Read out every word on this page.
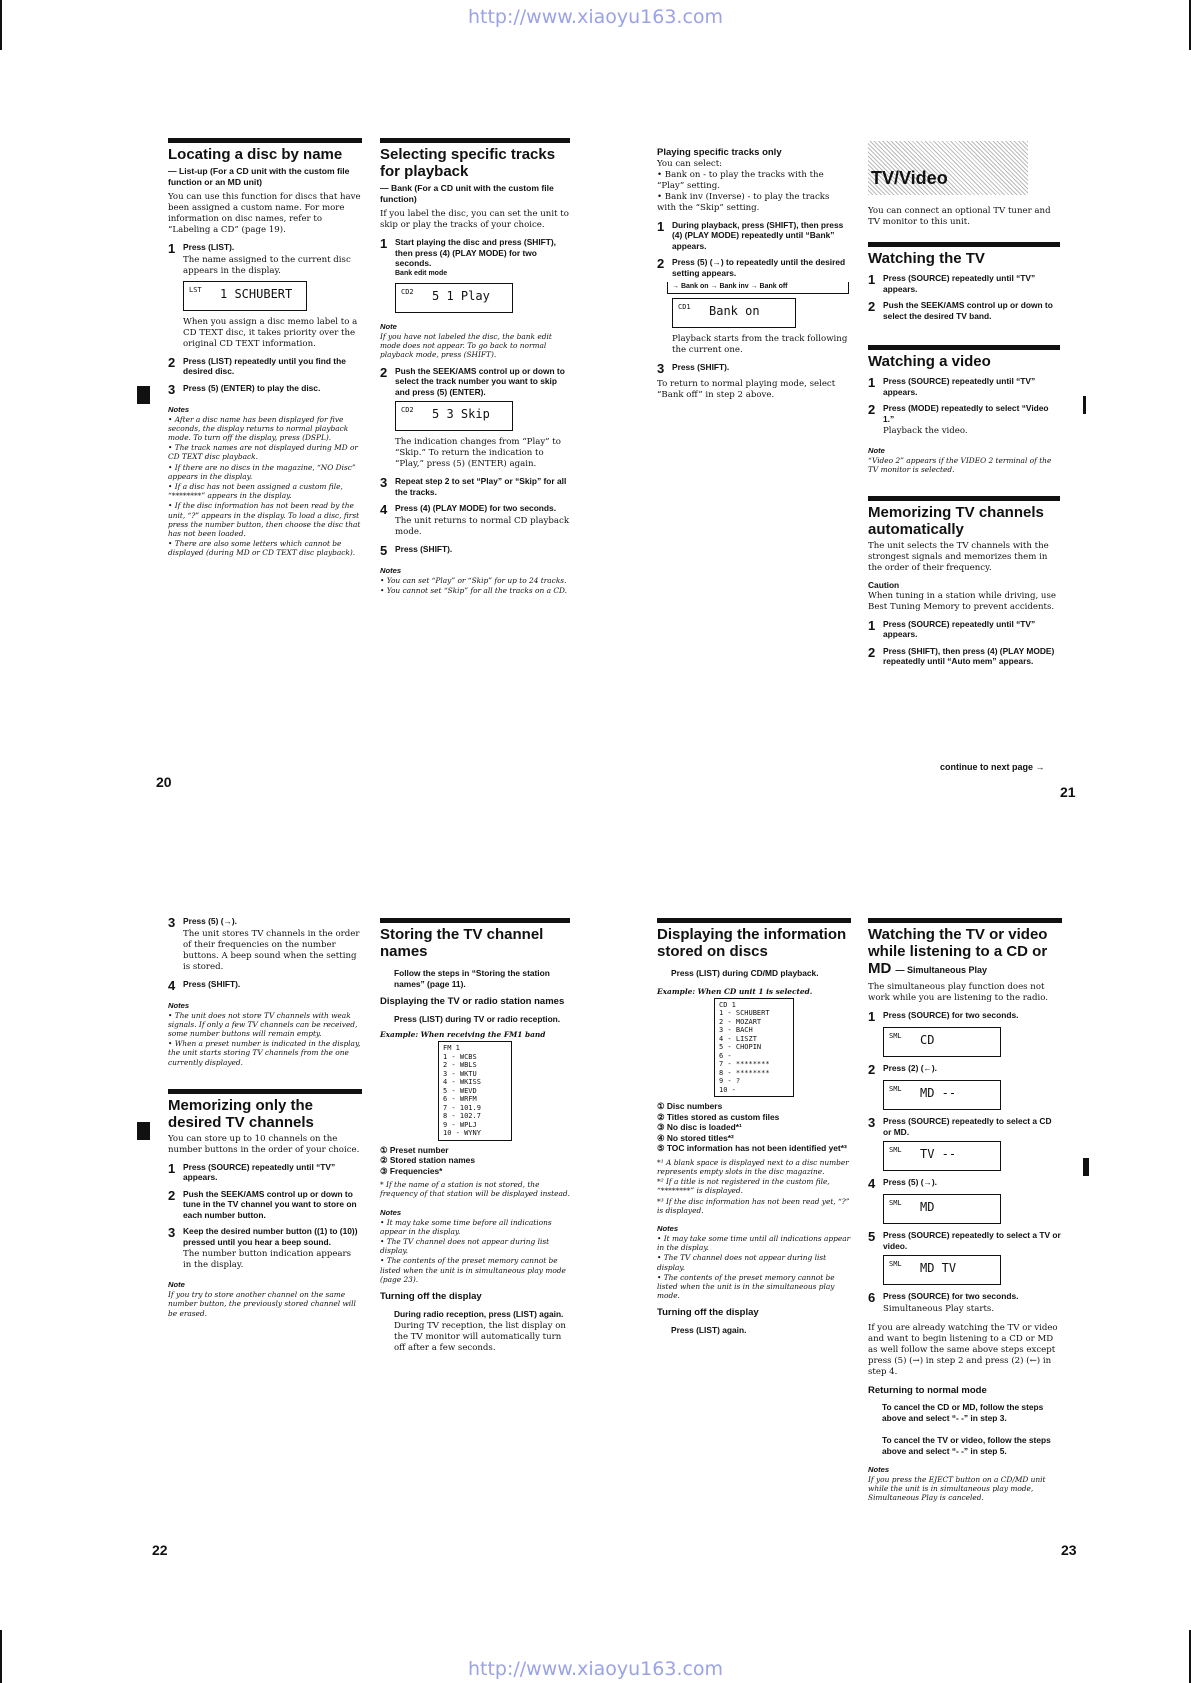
http://www.xiaoyu163.com
http://www.xiaoyu163.com
Locating a disc by name
— List-up (For a CD unit with the custom file function or an MD unit)
You can use this function for discs that have been assigned a custom name. For more information on disc names, refer to “Labeling a CD” (page 19).
1 Press (LIST).
The name assigned to the current disc appears in the display.
LST 1 SCHUBERT
When you assign a disc memo label to a CD TEXT disc, it takes priority over the original CD TEXT information.
2 Press (LIST) repeatedly until you find the desired disc.
3 Press (5) (ENTER) to play the disc.
Notes
• After a disc name has been displayed for five seconds, the display returns to normal playback mode. To turn off the display, press (DSPL).
• The track names are not displayed during MD or CD TEXT disc playback.
• If there are no discs in the magazine, “NO Disc” appears in the display.
• If a disc has not been assigned a custom file, “********” appears in the display.
• If the disc information has not been read by the unit, “?” appears in the display. To load a disc, first press the number button, then choose the disc that has not been loaded.
• There are also some letters which cannot be displayed (during MD or CD TEXT disc playback).
Selecting specific tracks for playback
— Bank (For a CD unit with the custom file function)
If you label the disc, you can set the unit to skip or play the tracks of your choice.
1 Start playing the disc and press (SHIFT), then press (4) (PLAY MODE) for two seconds.
Bank edit mode
CD2 5 1 Play
Note
If you have not labeled the disc, the bank edit mode does not appear. To go back to normal playback mode, press (SHIFT).
2 Push the SEEK/AMS control up or down to select the track number you want to skip and press (5) (ENTER).
CD2 5 3 Skip
The indication changes from “Play” to “Skip.” To return the indication to “Play,” press (5) (ENTER) again.
3 Repeat step 2 to set “Play” or “Skip” for all the tracks.
4 Press (4) (PLAY MODE) for two seconds.
The unit returns to normal CD playback mode.
5 Press (SHIFT).
Notes
• You can set “Play” or “Skip” for up to 24 tracks.
• You cannot set “Skip” for all the tracks on a CD.
Playing specific tracks only
You can select:
• Bank on - to play the tracks with the “Play” setting.
• Bank inv (Inverse) - to play the tracks with the “Skip” setting.
1 During playback, press (SHIFT), then press (4) (PLAY MODE) repeatedly until “Bank” appears.
2 Press (5) (→) to repeatedly until the desired setting appears.
→ Bank on → Bank inv → Bank off
CD1 Bank on
Playback starts from the track following the current one.
3 Press (SHIFT).
To return to normal playing mode, select “Bank off” in step 2 above.
TV/Video
You can connect an optional TV tuner and TV monitor to this unit.
Watching the TV
1 Press (SOURCE) repeatedly until “TV” appears.
2 Push the SEEK/AMS control up or down to select the desired TV band.
Watching a video
1 Press (SOURCE) repeatedly until “TV” appears.
2 Press (MODE) repeatedly to select “Video 1.”
Playback the video.
Note
“Video 2” appears if the VIDEO 2 terminal of the TV monitor is selected.
Memorizing TV channels automatically
The unit selects the TV channels with the strongest signals and memorizes them in the order of their frequency.
Caution
When tuning in a station while driving, use Best Tuning Memory to prevent accidents.
1 Press (SOURCE) repeatedly until “TV” appears.
2 Press (SHIFT), then press (4) (PLAY MODE) repeatedly until “Auto mem” appears.
continue to next page →
20
21
3 Press (5) (→).
The unit stores TV channels in the order of their frequencies on the number buttons. A beep sound when the setting is stored.
4 Press (SHIFT).
Notes
• The unit does not store TV channels with weak signals. If only a few TV channels can be received, some number buttons will remain empty.
• When a preset number is indicated in the display, the unit starts storing TV channels from the one currently displayed.
Memorizing only the desired TV channels
You can store up to 10 channels on the number buttons in the order of your choice.
1 Press (SOURCE) repeatedly until “TV” appears.
2 Push the SEEK/AMS control up or down to tune in the TV channel you want to store on each number button.
3 Keep the desired number button ((1) to (10)) pressed until you hear a beep sound.
The number button indication appears in the display.
Note
If you try to store another channel on the same number button, the previously stored channel will be erased.
Storing the TV channel names
Follow the steps in “Storing the station names” (page 11).
Displaying the TV or radio station names
Press (LIST) during TV or radio reception.
Example: When receiving the FM1 band
FM 1
1 - WCBS
2 - WBLS
3 - WKTU
4 - WKISS
5 - WEVD
6 - WRFM
7 - 101.9
8 - 102.7
9 - WPLJ
10 - WYNY
① Preset number
② Stored station names
③ Frequencies*
* If the name of a station is not stored, the frequency of that station will be displayed instead.
Notes
• It may take some time before all indications appear in the display.
• The TV channel does not appear during list display.
• The contents of the preset memory cannot be listed when the unit is in simultaneous play mode (page 23).
Turning off the display
During radio reception, press (LIST) again.
During TV reception, the list display on the TV monitor will automatically turn off after a few seconds.
Displaying the information stored on discs
Press (LIST) during CD/MD playback.
Example: When CD unit 1 is selected.
CD 1
1 - SCHUBERT
2 - MOZART
3 - BACH
4 - LISZT
5 - CHOPIN
6 -
7 - ********
8 - ********
9 - ?
10 -
① Disc numbers
② Titles stored as custom files
③ No disc is loaded*¹
④ No stored titles*²
⑤ TOC information has not been identified yet*³
*¹ A blank space is displayed next to a disc number represents empty slots in the disc magazine.
*² If a title is not registered in the custom file, “********” is displayed.
*³ If the disc information has not been read yet, “?” is displayed.
Notes
• It may take some time until all indications appear in the display.
• The TV channel does not appear during list display.
• The contents of the preset memory cannot be listed when the unit is in the simultaneous play mode.
Turning off the display
Press (LIST) again.
Watching the TV or video while listening to a CD or MD — Simultaneous Play
The simultaneous play function does not work while you are listening to the radio.
1 Press (SOURCE) for two seconds.
SML CD
2 Press (2) (←).
SML MD --
3 Press (SOURCE) repeatedly to select a CD or MD.
SML TV --
4 Press (5) (→).
SML MD
5 Press (SOURCE) repeatedly to select a TV or video.
SML MD TV
6 Press (SOURCE) for two seconds.
Simultaneous Play starts.
If you are already watching the TV or video and want to begin listening to a CD or MD as well follow the same above steps except press (5) (→) in step 2 and press (2) (←) in step 4.
Returning to normal mode
To cancel the CD or MD, follow the steps above and select “- -” in step 3.
To cancel the TV or video, follow the steps above and select “- -” in step 5.
Notes
If you press the EJECT button on a CD/MD unit while the unit is in simultaneous play mode, Simultaneous Play is canceled.
22	23
